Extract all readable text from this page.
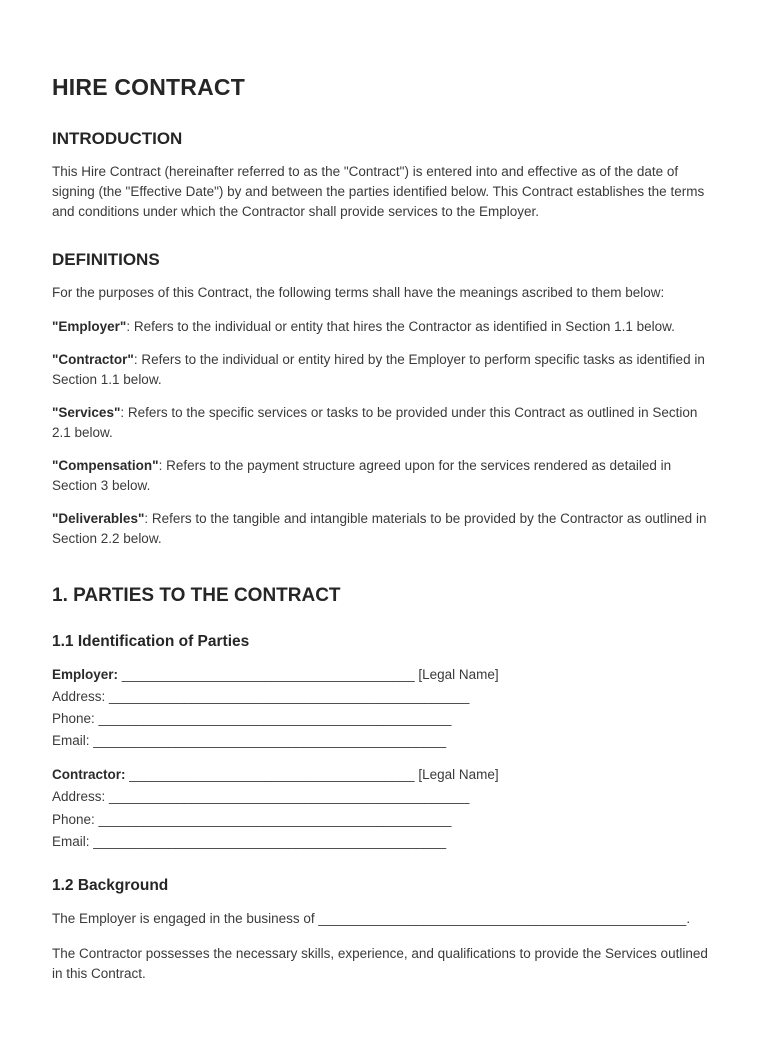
HIRE CONTRACT
INTRODUCTION

This Hire Contract (hereinafter referred to as the "Contract") is entered into and effective as of the date of signing (the "Effective Date") by and between the parties identified below. This Contract establishes the terms and conditions under which the Contractor shall provide services to the Employer.

DEFINITIONS

For the purposes of this Contract, the following terms shall have the meanings ascribed to them below:

"Employer": Refers to the individual or entity that hires the Contractor as identified in Section 1.1 below.

"Contractor": Refers to the individual or entity hired by the Employer to perform specific tasks as identified in Section 1.1 below.

"Services": Refers to the specific services or tasks to be provided under this Contract as outlined in Section 2.1 below.

"Compensation": Refers to the payment structure agreed upon for the services rendered as detailed in Section 3 below.

"Deliverables": Refers to the tangible and intangible materials to be provided by the Contractor as outlined in Section 2.2 below.

1. PARTIES TO THE CONTRACT
1.1 Identification of Parties

Employer: _______________________________________ [Legal Name]

Address: ________________________________________________

Phone: _______________________________________________

Email: _______________________________________________

Contractor: ______________________________________ [Legal Name]

Address: ________________________________________________

Phone: _______________________________________________

Email: _______________________________________________

1.2 Background

The Employer is engaged in the business of _________________________________________________.

The Contractor possesses the necessary skills, experience, and qualifications to provide the Services outlined in this Contract.
